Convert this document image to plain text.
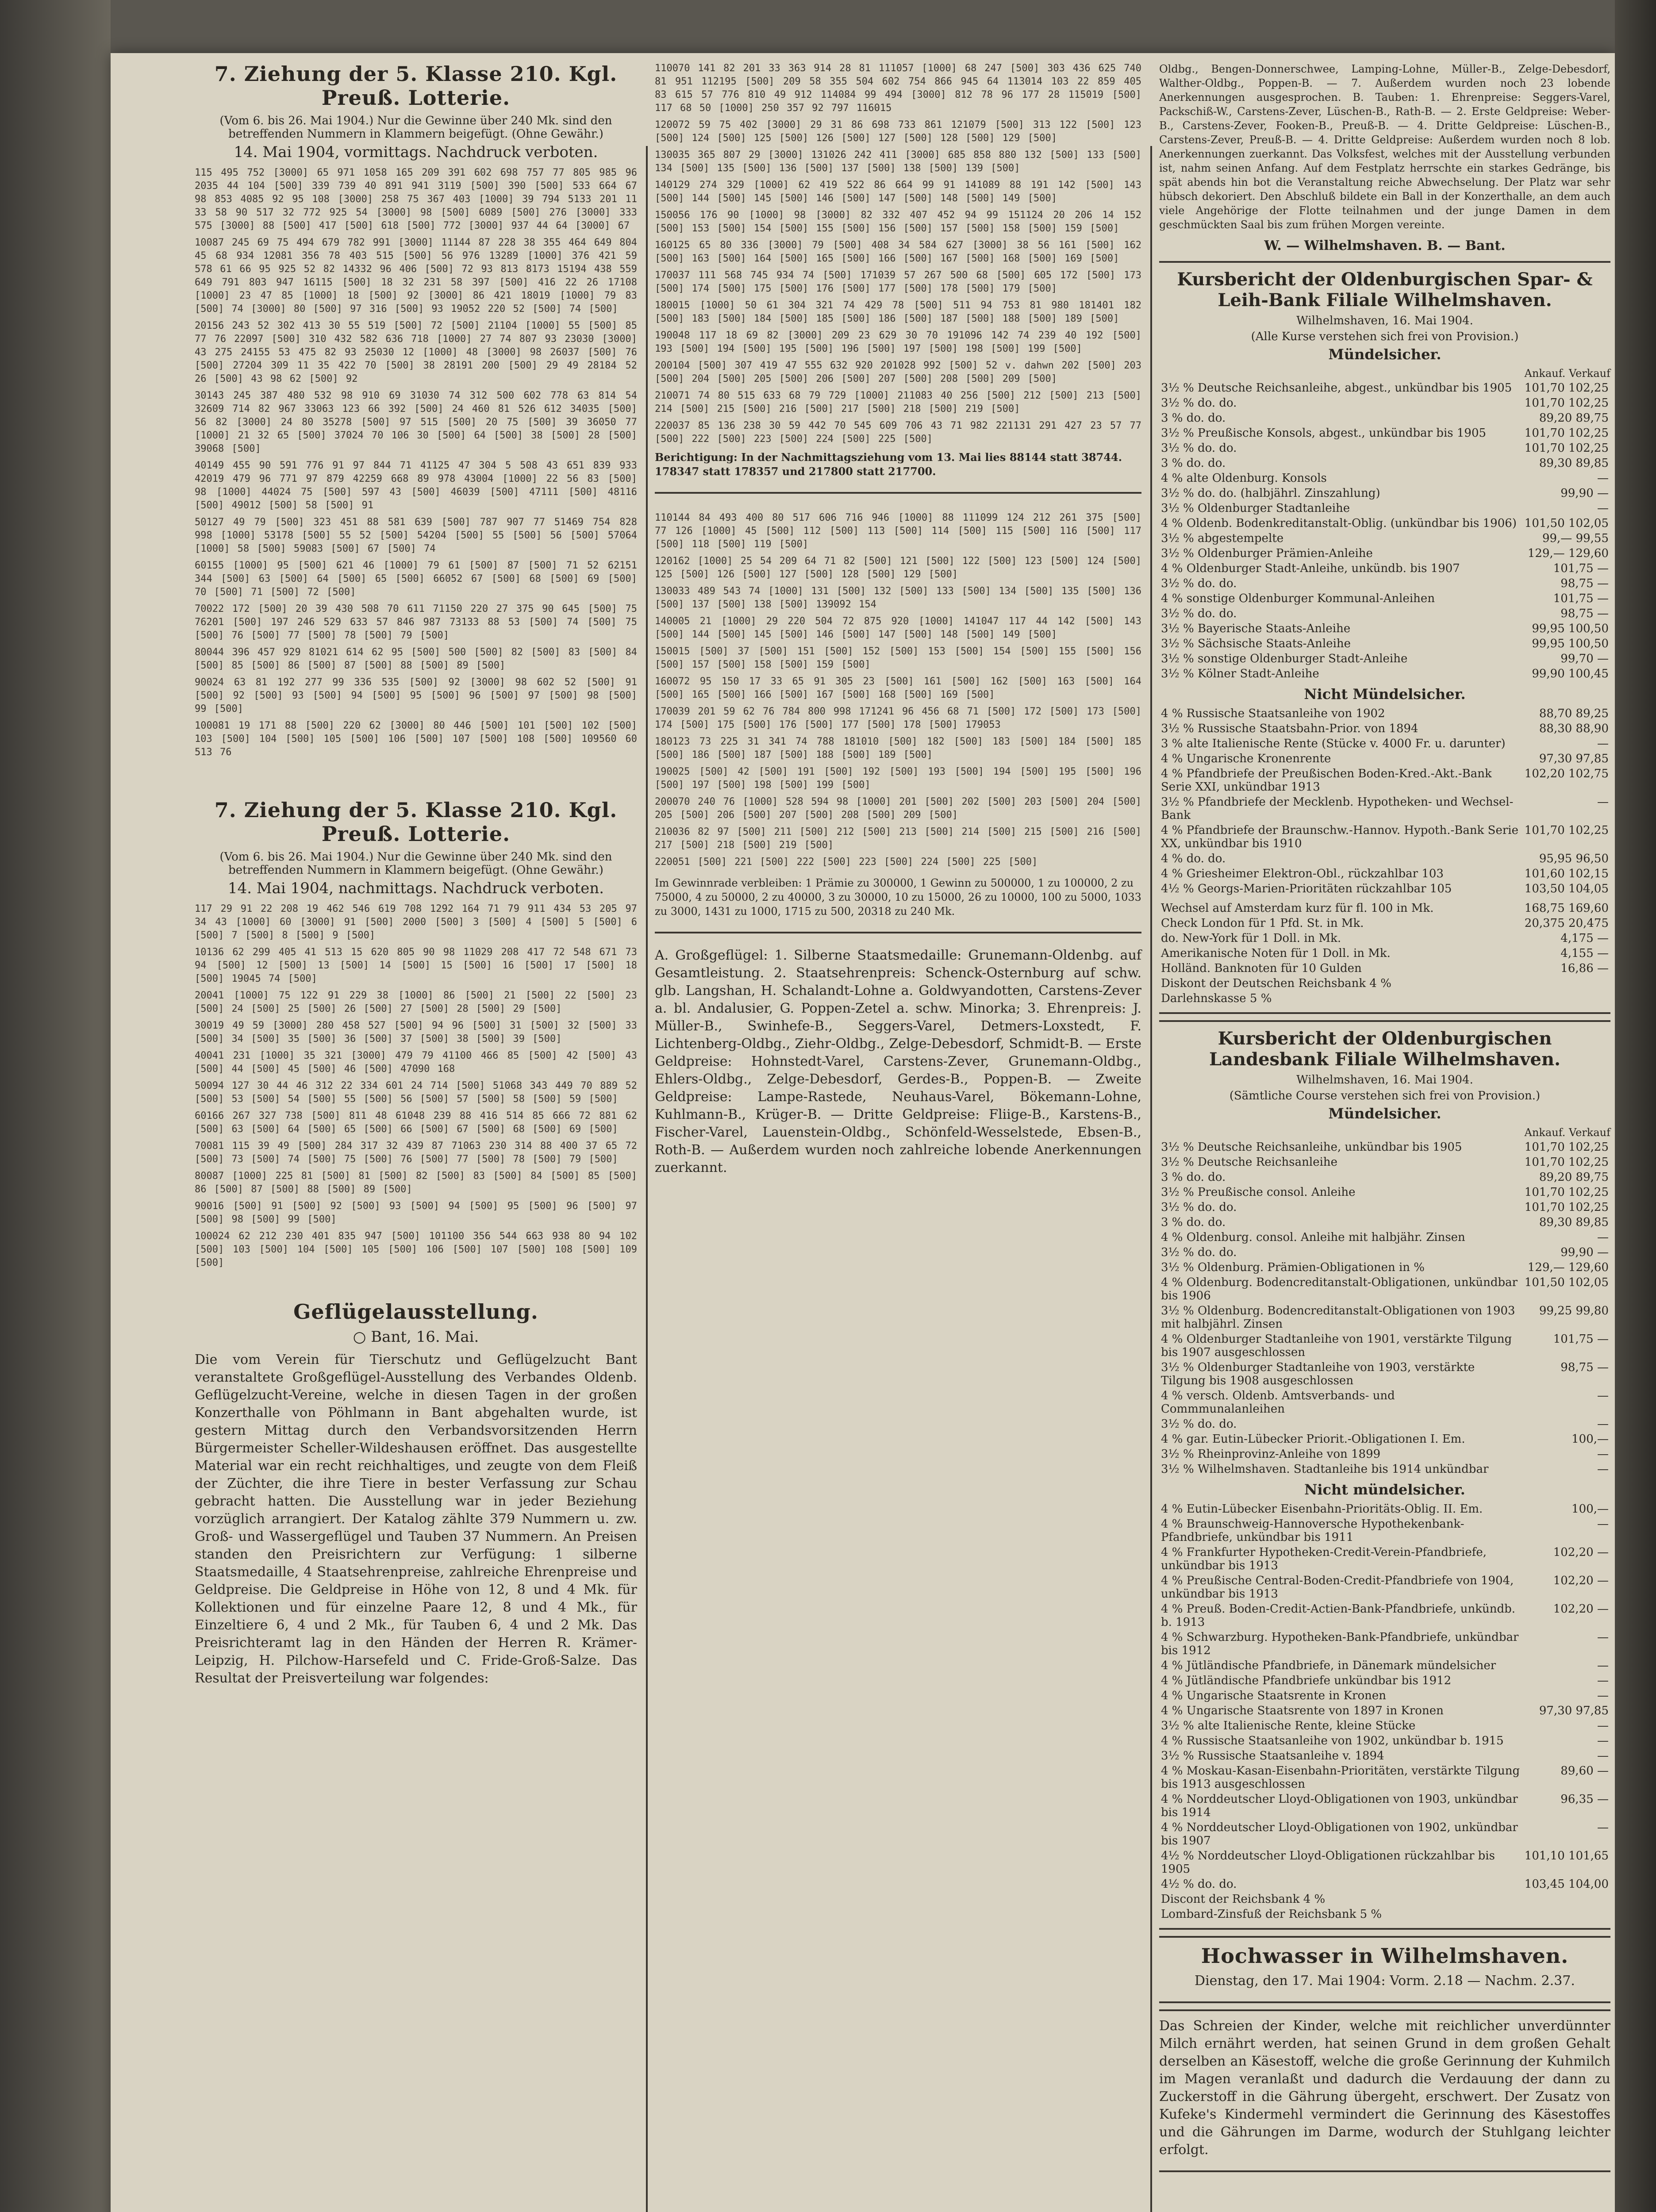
7. Ziehung der 5. Klasse 210. Kgl. Preuß. Lotterie.
(Vom 6. bis 26. Mai 1904.) Nur die Gewinne über 240 Mk. sind den betreffenden Nummern in Klammern beigefügt. (Ohne Gewähr.)
14. Mai 1904, vormittags. Nachdruck verboten.

115 495 752 [3000] 65 971 1058 165 209 391 602 698 757 77 805 985 96 2035 44 104 [500] 339 739 40 891 941 3119 [500] 390 [500] 533 664 67 98 853 4085 92 95 108 [3000] 258 75 367 403 [1000] 39 794 5133 201 11 33 58 90 517 32 772 925 54 [3000] 98 [500] 6089 [500] 276 [3000] 333 575 [3000] 88 [500] 417 [500] 618 [500] 772 [3000] 937 44 64 [3000] 67

10087 245 69 75 494 679 782 991 [3000] 11144 87 228 38 355 464 649 804 45 68 934 12081 356 78 403 515 [500] 56 976 13289 [1000] 376 421 59 578 61 66 95 925 52 82 14332 96 406 [500] 72 93 813 8173 15194 438 559 649 791 803 947 16115 [500] 18 32 231 58 397 [500] 416 22 26 17108 [1000] 23 47 85 [1000] 18 [500] 92 [3000] 86 421 18019 [1000] 79 83 [500] 74 [3000] 80 [500] 97 316 [500] 93 19052 220 52 [500] 74 [500]

20156 243 52 302 413 30 55 519 [500] 72 [500] 21104 [1000] 55 [500] 85 77 76 22097 [500] 310 432 582 636 718 [1000] 27 74 807 93 23030 [3000] 43 275 24155 53 475 82 93 25030 12 [1000] 48 [3000] 98 26037 [500] 76 [500] 27204 309 11 35 422 70 [500] 38 28191 200 [500] 29 49 28184 52 26 [500] 43 98 62 [500] 92

30143 245 387 480 532 98 910 69 31030 74 312 500 602 778 63 814 54 32609 714 82 967 33063 123 66 392 [500] 24 460 81 526 612 34035 [500] 56 82 [3000] 24 80 35278 [500] 97 515 [500] 20 75 [500] 39 36050 77 [1000] 21 32 65 [500] 37024 70 106 30 [500] 64 [500] 38 [500] 28 [500] 39068 [500]

40149 455 90 591 776 91 97 844 71 41125 47 304 5 508 43 651 839 933 42019 479 96 771 97 879 42259 668 89 978 43004 [1000] 22 56 83 [500] 98 [1000] 44024 75 [500] 597 43 [500] 46039 [500] 47111 [500] 48116 [500] 49012 [500] 58 [500] 91

50127 49 79 [500] 323 451 88 581 639 [500] 787 907 77 51469 754 828 998 [1000] 53178 [500] 55 52 [500] 54204 [500] 55 [500] 56 [500] 57064 [1000] 58 [500] 59083 [500] 67 [500] 74

60155 [1000] 95 [500] 621 46 [1000] 79 61 [500] 87 [500] 71 52 62151 344 [500] 63 [500] 64 [500] 65 [500] 66052 67 [500] 68 [500] 69 [500] 70 [500] 71 [500] 72 [500]

70022 172 [500] 20 39 430 508 70 611 71150 220 27 375 90 645 [500] 75 76201 [500] 197 246 529 633 57 846 987 73133 88 53 [500] 74 [500] 75 [500] 76 [500] 77 [500] 78 [500] 79 [500]

80044 396 457 929 81021 614 62 95 [500] 500 [500] 82 [500] 83 [500] 84 [500] 85 [500] 86 [500] 87 [500] 88 [500] 89 [500]

90024 63 81 192 277 99 336 535 [500] 92 [3000] 98 602 52 [500] 91 [500] 92 [500] 93 [500] 94 [500] 95 [500] 96 [500] 97 [500] 98 [500] 99 [500]

100081 19 171 88 [500] 220 62 [3000] 80 446 [500] 101 [500] 102 [500] 103 [500] 104 [500] 105 [500] 106 [500] 107 [500] 108 [500] 109560 60 513 76

7. Ziehung der 5. Klasse 210. Kgl. Preuß. Lotterie.
(Vom 6. bis 26. Mai 1904.) Nur die Gewinne über 240 Mk. sind den betreffenden Nummern in Klammern beigefügt. (Ohne Gewähr.)
14. Mai 1904, nachmittags. Nachdruck verboten.

117 29 91 22 208 19 462 546 619 708 1292 164 71 79 911 434 53 205 97 34 43 [1000] 60 [3000] 91 [500] 2000 [500] 3 [500] 4 [500] 5 [500] 6 [500] 7 [500] 8 [500] 9 [500]

10136 62 299 405 41 513 15 620 805 90 98 11029 208 417 72 548 671 73 94 [500] 12 [500] 13 [500] 14 [500] 15 [500] 16 [500] 17 [500] 18 [500] 19045 74 [500]

20041 [1000] 75 122 91 229 38 [1000] 86 [500] 21 [500] 22 [500] 23 [500] 24 [500] 25 [500] 26 [500] 27 [500] 28 [500] 29 [500]

30019 49 59 [3000] 280 458 527 [500] 94 96 [500] 31 [500] 32 [500] 33 [500] 34 [500] 35 [500] 36 [500] 37 [500] 38 [500] 39 [500]

40041 231 [1000] 35 321 [3000] 479 79 41100 466 85 [500] 42 [500] 43 [500] 44 [500] 45 [500] 46 [500] 47090 168

50094 127 30 44 46 312 22 334 601 24 714 [500] 51068 343 449 70 889 52 [500] 53 [500] 54 [500] 55 [500] 56 [500] 57 [500] 58 [500] 59 [500]

60166 267 327 738 [500] 811 48 61048 239 88 416 514 85 666 72 881 62 [500] 63 [500] 64 [500] 65 [500] 66 [500] 67 [500] 68 [500] 69 [500]

70081 115 39 49 [500] 284 317 32 439 87 71063 230 314 88 400 37 65 72 [500] 73 [500] 74 [500] 75 [500] 76 [500] 77 [500] 78 [500] 79 [500]

80087 [1000] 225 81 [500] 81 [500] 82 [500] 83 [500] 84 [500] 85 [500] 86 [500] 87 [500] 88 [500] 89 [500]

90016 [500] 91 [500] 92 [500] 93 [500] 94 [500] 95 [500] 96 [500] 97 [500] 98 [500] 99 [500]

100024 62 212 230 401 835 947 [500] 101100 356 544 663 938 80 94 102 [500] 103 [500] 104 [500] 105 [500] 106 [500] 107 [500] 108 [500] 109 [500]

Geflügelausstellung.
○ Bant, 16. Mai.

Die vom Verein für Tierschutz und Geflügelzucht Bant veranstaltete Großgeflügel-Ausstellung des Verbandes Oldenb. Geflügelzucht-Vereine, welche in diesen Tagen in der großen Konzerthalle von Pöhlmann in Bant abgehalten wurde, ist gestern Mittag durch den Verbandsvorsitzenden Herrn Bürgermeister Scheller-Wildeshausen eröffnet. Das ausgestellte Material war ein recht reichhaltiges, und zeugte von dem Fleiß der Züchter, die ihre Tiere in bester Verfassung zur Schau gebracht hatten. Die Ausstellung war in jeder Beziehung vorzüglich arrangiert. Der Katalog zählte 379 Nummern u. zw. Groß- und Wassergeflügel und Tauben 37 Nummern. An Preisen standen den Preisrichtern zur Verfügung: 1 silberne Staatsmedaille, 4 Staatsehrenpreise, zahlreiche Ehrenpreise und Geldpreise. Die Geldpreise in Höhe von 12, 8 und 4 Mk. für Kollektionen und für einzelne Paare 12, 8 und 4 Mk., für Einzeltiere 6, 4 und 2 Mk., für Tauben 6, 4 und 2 Mk. Das Preisrichteramt lag in den Händen der Herren R. Krämer-Leipzig, H. Pilchow-Harsefeld und C. Fride-Groß-Salze. Das Resultat der Preisverteilung war folgendes:

110070 141 82 201 33 363 914 28 81 111057 [1000] 68 247 [500] 303 436 625 740 81 951 112195 [500] 209 58 355 504 602 754 866 945 64 113014 103 22 859 405 83 615 57 776 810 49 912 114084 99 494 [3000] 812 78 96 177 28 115019 [500] 117 68 50 [1000] 250 357 92 797 116015

120072 59 75 402 [3000] 29 31 86 698 733 861 121079 [500] 313 122 [500] 123 [500] 124 [500] 125 [500] 126 [500] 127 [500] 128 [500] 129 [500]

130035 365 807 29 [3000] 131026 242 411 [3000] 685 858 880 132 [500] 133 [500] 134 [500] 135 [500] 136 [500] 137 [500] 138 [500] 139 [500]

140129 274 329 [1000] 62 419 522 86 664 99 91 141089 88 191 142 [500] 143 [500] 144 [500] 145 [500] 146 [500] 147 [500] 148 [500] 149 [500]

150056 176 90 [1000] 98 [3000] 82 332 407 452 94 99 151124 20 206 14 152 [500] 153 [500] 154 [500] 155 [500] 156 [500] 157 [500] 158 [500] 159 [500]

160125 65 80 336 [3000] 79 [500] 408 34 584 627 [3000] 38 56 161 [500] 162 [500] 163 [500] 164 [500] 165 [500] 166 [500] 167 [500] 168 [500] 169 [500]

170037 111 568 745 934 74 [500] 171039 57 267 500 68 [500] 605 172 [500] 173 [500] 174 [500] 175 [500] 176 [500] 177 [500] 178 [500] 179 [500]

180015 [1000] 50 61 304 321 74 429 78 [500] 511 94 753 81 980 181401 182 [500] 183 [500] 184 [500] 185 [500] 186 [500] 187 [500] 188 [500] 189 [500]

190048 117 18 69 82 [3000] 209 23 629 30 70 191096 142 74 239 40 192 [500] 193 [500] 194 [500] 195 [500] 196 [500] 197 [500] 198 [500] 199 [500]

200104 [500] 307 419 47 555 632 920 201028 992 [500] 52 v. dahwn 202 [500] 203 [500] 204 [500] 205 [500] 206 [500] 207 [500] 208 [500] 209 [500]

210071 74 80 515 633 68 79 729 [1000] 211083 40 256 [500] 212 [500] 213 [500] 214 [500] 215 [500] 216 [500] 217 [500] 218 [500] 219 [500]

220037 85 136 238 30 59 442 70 545 609 706 43 71 982 221131 291 427 23 57 77 [500] 222 [500] 223 [500] 224 [500] 225 [500]

Berichtigung: In der Nachmittagsziehung vom 13. Mai lies 88144 statt 38744. 178347 statt 178357 und 217800 statt 217700.

110144 84 493 400 80 517 606 716 946 [1000] 88 111099 124 212 261 375 [500] 77 126 [1000] 45 [500] 112 [500] 113 [500] 114 [500] 115 [500] 116 [500] 117 [500] 118 [500] 119 [500]

120162 [1000] 25 54 209 64 71 82 [500] 121 [500] 122 [500] 123 [500] 124 [500] 125 [500] 126 [500] 127 [500] 128 [500] 129 [500]

130033 489 543 74 [1000] 131 [500] 132 [500] 133 [500] 134 [500] 135 [500] 136 [500] 137 [500] 138 [500] 139092 154

140005 21 [1000] 29 220 504 72 875 920 [1000] 141047 117 44 142 [500] 143 [500] 144 [500] 145 [500] 146 [500] 147 [500] 148 [500] 149 [500]

150015 [500] 37 [500] 151 [500] 152 [500] 153 [500] 154 [500] 155 [500] 156 [500] 157 [500] 158 [500] 159 [500]

160072 95 150 17 33 65 91 305 23 [500] 161 [500] 162 [500] 163 [500] 164 [500] 165 [500] 166 [500] 167 [500] 168 [500] 169 [500]

170039 201 59 62 76 784 800 998 171241 96 456 68 71 [500] 172 [500] 173 [500] 174 [500] 175 [500] 176 [500] 177 [500] 178 [500] 179053

180123 73 225 31 341 74 788 181010 [500] 182 [500] 183 [500] 184 [500] 185 [500] 186 [500] 187 [500] 188 [500] 189 [500]

190025 [500] 42 [500] 191 [500] 192 [500] 193 [500] 194 [500] 195 [500] 196 [500] 197 [500] 198 [500] 199 [500]

200070 240 76 [1000] 528 594 98 [1000] 201 [500] 202 [500] 203 [500] 204 [500] 205 [500] 206 [500] 207 [500] 208 [500] 209 [500]

210036 82 97 [500] 211 [500] 212 [500] 213 [500] 214 [500] 215 [500] 216 [500] 217 [500] 218 [500] 219 [500]

220051 [500] 221 [500] 222 [500] 223 [500] 224 [500] 225 [500]

Im Gewinnrade verbleiben: 1 Prämie zu 300000, 1 Gewinn zu 500000, 1 zu 100000, 2 zu 75000, 4 zu 50000, 2 zu 40000, 3 zu 30000, 10 zu 15000, 26 zu 10000, 100 zu 5000, 1033 zu 3000, 1431 zu 1000, 1715 zu 500, 20318 zu 240 Mk.

A. Großgeflügel: 1. Silberne Staatsmedaille: Grunemann-Oldenbg. auf Gesamtleistung. 2. Staatsehrenpreis: Schenck-Osternburg auf schw. glb. Langshan, H. Schalandt-Lohne a. Goldwyandotten, Carstens-Zever a. bl. Andalusier, G. Poppen-Zetel a. schw. Minorka; 3. Ehrenpreis: J. Müller-B., Swinhefe-B., Seggers-Varel, Detmers-Loxstedt, F. Lichtenberg-Oldbg., Ziehr-Oldbg., Zelge-Debesdorf, Schmidt-B. — Erste Geldpreise: Hohnstedt-Varel, Carstens-Zever, Grunemann-Oldbg., Ehlers-Oldbg., Zelge-Debesdorf, Gerdes-B., Poppen-B. — Zweite Geldpreise: Lampe-Rastede, Neuhaus-Varel, Bökemann-Lohne, Kuhlmann-B., Krüger-B. — Dritte Geldpreise: Fliige-B., Karstens-B., Fischer-Varel, Lauenstein-Oldbg., Schönfeld-Wesselstede, Ebsen-B., Roth-B. — Außerdem wurden noch zahlreiche lobende Anerkennungen zuerkannt.

Oldbg., Bengen-Donnerschwee, Lamping-Lohne, Müller-B., Zelge-Debesdorf, Walther-Oldbg., Poppen-B. — 7. Außerdem wurden noch 23 lobende Anerkennungen ausgesprochen. B. Tauben: 1. Ehrenpreise: Seggers-Varel, Packschiß-W., Carstens-Zever, Lüschen-B., Rath-B. — 2. Erste Geldpreise: Weber-B., Carstens-Zever, Fooken-B., Preuß-B. — 4. Dritte Geldpreise: Lüschen-B., Carstens-Zever, Preuß-B. — 4. Dritte Geldpreise: Außerdem wurden noch 8 lob. Anerkennungen zuerkannt. Das Volksfest, welches mit der Ausstellung verbunden ist, nahm seinen Anfang. Auf dem Festplatz herrschte ein starkes Gedränge, bis spät abends hin bot die Veranstaltung reiche Abwechselung. Der Platz war sehr hübsch dekoriert. Den Abschluß bildete ein Ball in der Konzerthalle, an dem auch viele Angehörige der Flotte teilnahmen und der junge Damen in dem geschmückten Saal bis zum frühen Morgen vereinte.

W. — Wilhelmshaven. B. — Bant.

Kursbericht der Oldenburgischen Spar- & Leih-Bank Filiale Wilhelmshaven.
Wilhelmshaven, 16. Mai 1904.
(Alle Kurse verstehen sich frei von Provision.)
Mündelsicher.
Ankauf. Verkauf
3½ % Deutsche Reichsanleihe, abgest., unkündbar bis 1905	101,70 102,25
3½ % do. do.	101,70 102,25
3 % do. do.	89,20 89,75
3½ % Preußische Konsols, abgest., unkündbar bis 1905	101,70 102,25
3½ % do. do.	101,70 102,25
3 % do. do.	89,30 89,85
4 % alte Oldenburg. Konsols	—
3½ % do. do. (halbjährl. Zinszahlung)	99,90 —
3½ % Oldenburger Stadtanleihe	—
4 % Oldenb. Bodenkreditanstalt-Oblig. (unkündbar bis 1906)	101,50 102,05
3½ % abgestempelte	99,— 99,55
3½ % Oldenburger Prämien-Anleihe	129,— 129,60
4 % Oldenburger Stadt-Anleihe, unkündb. bis 1907	101,75 —
3½ % do. do.	98,75 —
4 % sonstige Oldenburger Kommunal-Anleihen	101,75 —
3½ % do. do.	98,75 —
3½ % Bayerische Staats-Anleihe	99,95 100,50
3½ % Sächsische Staats-Anleihe	99,95 100,50
3½ % sonstige Oldenburger Stadt-Anleihe	99,70 —
3½ % Kölner Stadt-Anleihe	99,90 100,45
Nicht Mündelsicher.
4 % Russische Staatsanleihe von 1902	88,70 89,25
3½ % Russische Staatsbahn-Prior. von 1894	88,30 88,90
3 % alte Italienische Rente (Stücke v. 4000 Fr. u. darunter)	—
4 % Ungarische Kronenrente	97,30 97,85
4 % Pfandbriefe der Preußischen Boden-Kred.-Akt.-Bank Serie XXI, unkündbar 1913	102,20 102,75
3½ % Pfandbriefe der Mecklenb. Hypotheken- und Wechsel-Bank	—
4 % Pfandbriefe der Braunschw.-Hannov. Hypoth.-Bank Serie XX, unkündbar bis 1910	101,70 102,25
4 % do. do.	95,95 96,50
4 % Griesheimer Elektron-Obl., rückzahlbar 103	101,60 102,15
4½ % Georgs-Marien-Prioritäten rückzahlbar 105	103,50 104,05
Wechsel auf Amsterdam kurz für fl. 100 in Mk.	168,75 169,60
Check London für 1 Pfd. St. in Mk.	20,375 20,475
do. New-York für 1 Doll. in Mk.	4,175 —
Amerikanische Noten für 1 Doll. in Mk.	4,155 —
Holländ. Banknoten für 10 Gulden	16,86 —
Diskont der Deutschen Reichsbank 4 %	
Darlehnskasse 5 %	
Kursbericht der Oldenburgischen Landesbank Filiale Wilhelmshaven.
Wilhelmshaven, 16. Mai 1904.
(Sämtliche Course verstehen sich frei von Provision.)
Mündelsicher.
Ankauf. Verkauf
3½ % Deutsche Reichsanleihe, unkündbar bis 1905	101,70 102,25
3½ % Deutsche Reichsanleihe	101,70 102,25
3 % do. do.	89,20 89,75
3½ % Preußische consol. Anleihe	101,70 102,25
3½ % do. do.	101,70 102,25
3 % do. do.	89,30 89,85
4 % Oldenburg. consol. Anleihe mit halbjähr. Zinsen	—
3½ % do. do.	99,90 —
3½ % Oldenburg. Prämien-Obligationen in %	129,— 129,60
4 % Oldenburg. Bodencreditanstalt-Obligationen, unkündbar bis 1906	101,50 102,05
3½ % Oldenburg. Bodencreditanstalt-Obligationen von 1903 mit halbjährl. Zinsen	99,25 99,80
4 % Oldenburger Stadtanleihe von 1901, verstärkte Tilgung bis 1907 ausgeschlossen	101,75 —
3½ % Oldenburger Stadtanleihe von 1903, verstärkte Tilgung bis 1908 ausgeschlossen	98,75 —
4 % versch. Oldenb. Amtsverbands- und Commmunalanleihen	—
3½ % do. do.	—
4 % gar. Eutin-Lübecker Priorit.-Obligationen I. Em.	100,—
3½ % Rheinprovinz-Anleihe von 1899	—
3½ % Wilhelmshaven. Stadtanleihe bis 1914 unkündbar	—
Nicht mündelsicher.
4 % Eutin-Lübecker Eisenbahn-Prioritäts-Oblig. II. Em.	100,—
4 % Braunschweig-Hannoversche Hypothekenbank-Pfandbriefe, unkündbar bis 1911	—
4 % Frankfurter Hypotheken-Credit-Verein-Pfandbriefe, unkündbar bis 1913	102,20 —
4 % Preußische Central-Boden-Credit-Pfandbriefe von 1904, unkündbar bis 1913	102,20 —
4 % Preuß. Boden-Credit-Actien-Bank-Pfandbriefe, unkündb. b. 1913	102,20 —
4 % Schwarzburg. Hypotheken-Bank-Pfandbriefe, unkündbar bis 1912	—
4 % Jütländische Pfandbriefe, in Dänemark mündelsicher	—
4 % Jütländische Pfandbriefe unkündbar bis 1912	—
4 % Ungarische Staatsrente in Kronen	—
4 % Ungarische Staatsrente von 1897 in Kronen	97,30 97,85
3½ % alte Italienische Rente, kleine Stücke	—
4 % Russische Staatsanleihe von 1902, unkündbar b. 1915	—
3½ % Russische Staatsanleihe v. 1894	—
4 % Moskau-Kasan-Eisenbahn-Prioritäten, verstärkte Tilgung bis 1913 ausgeschlossen	89,60 —
4 % Norddeutscher Lloyd-Obligationen von 1903, unkündbar bis 1914	96,35 —
4 % Norddeutscher Lloyd-Obligationen von 1902, unkündbar bis 1907	—
4½ % Norddeutscher Lloyd-Obligationen rückzahlbar bis 1905	101,10 101,65
4½ % do. do.	103,45 104,00
Discont der Reichsbank 4 %	
Lombard-Zinsfuß der Reichsbank 5 %	
Hochwasser in Wilhelmshaven.
Dienstag, den 17. Mai 1904: Vorm. 2.18 — Nachm. 2.37.

Das Schreien der Kinder, welche mit reichlicher unverdünnter Milch ernährt werden, hat seinen Grund in dem großen Gehalt derselben an Käsestoff, welche die große Gerinnung der Kuhmilch im Magen veranlaßt und dadurch die Verdauung der dann zu Zuckerstoff in die Gährung übergeht, erschwert. Der Zusatz von Kufeke's Kindermehl vermindert die Gerinnung des Käsestoffes und die Gährungen im Darme, wodurch der Stuhlgang leichter erfolgt.
